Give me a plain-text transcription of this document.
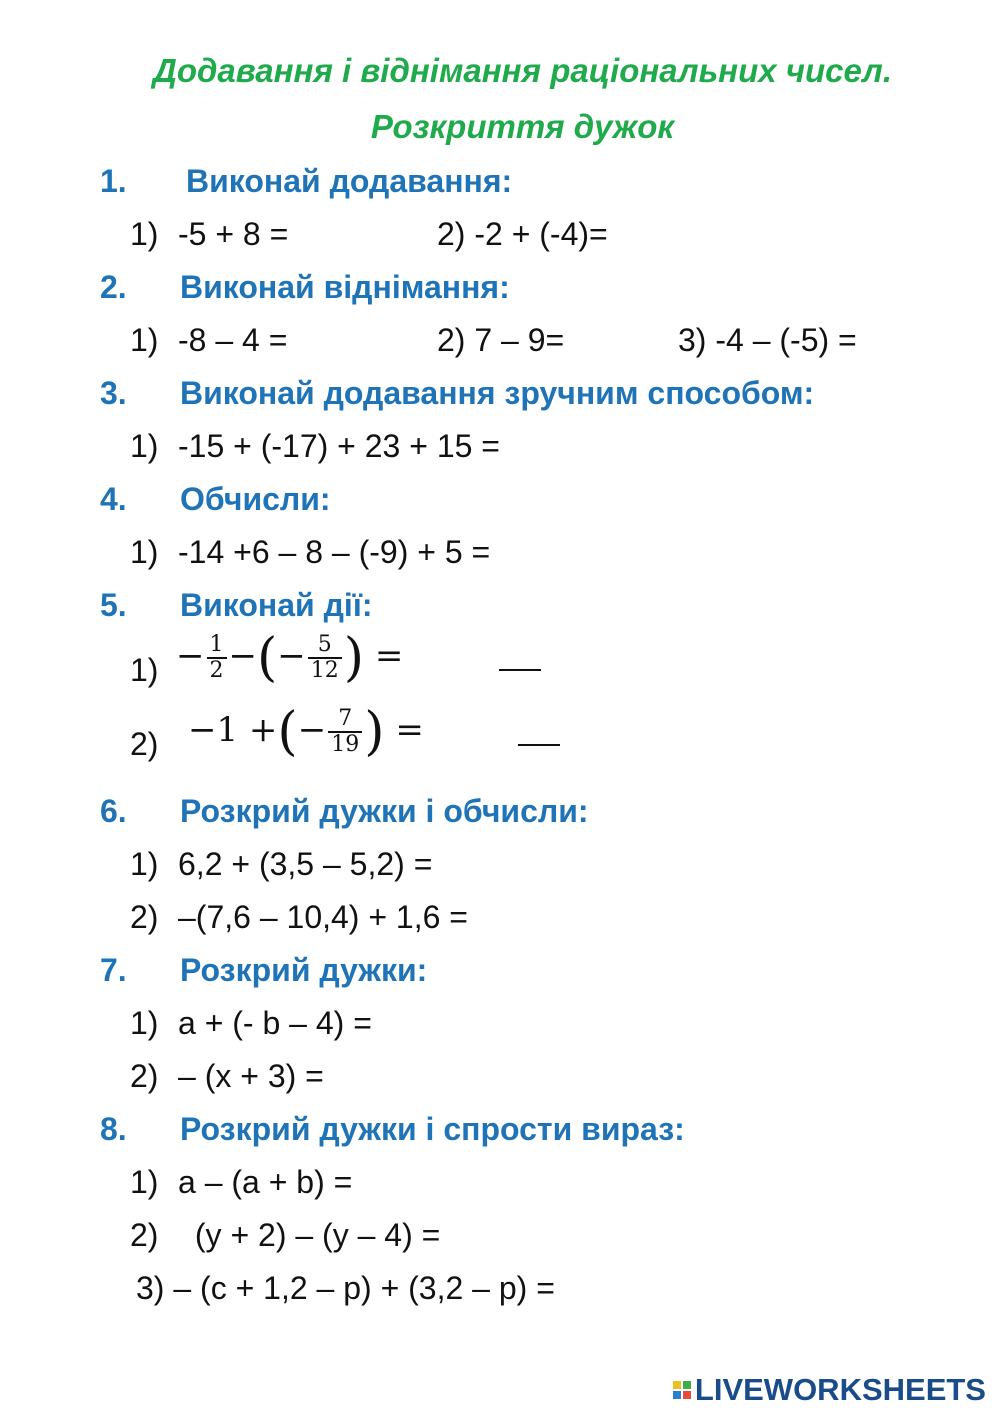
Додавання і віднімання раціональних чисел.
Розкриття дужок
1. Виконай додавання:
1) -5 + 8 =	2) -2 + (-4)=
2. Виконай віднімання:
1) -8 – 4 =	2) 7 – 9=	3) -4 – (-5) =
3. Виконай додавання зручним способом:
1) -15 + (-17) + 23 + 15 =
4. Обчисли:
1) -14 +6 – 8 – (-9) + 5 =
5. Виконай дії:
$1) - \frac{1}{2}$ −(− $\frac{5}{12}$ ) =
2) −1 +(− $\frac{7}{19}$ ) =
6. Розкрий дужки і обчисли:
1) 6,2 + (3,5 – 5,2) =
2) –(7,6 – 10,4) + 1,6 =
7. Розкрий дужки:
1) a + (- b – 4) =
2) – (x + 3) =
8. Розкрий дужки і спрости вираз:
1) a – (a + b) =
2) (y + 2) – (y – 4) =
3) – (c + 1,2 – p) + (3,2 – p) =
LIVEWORKSHEETS
